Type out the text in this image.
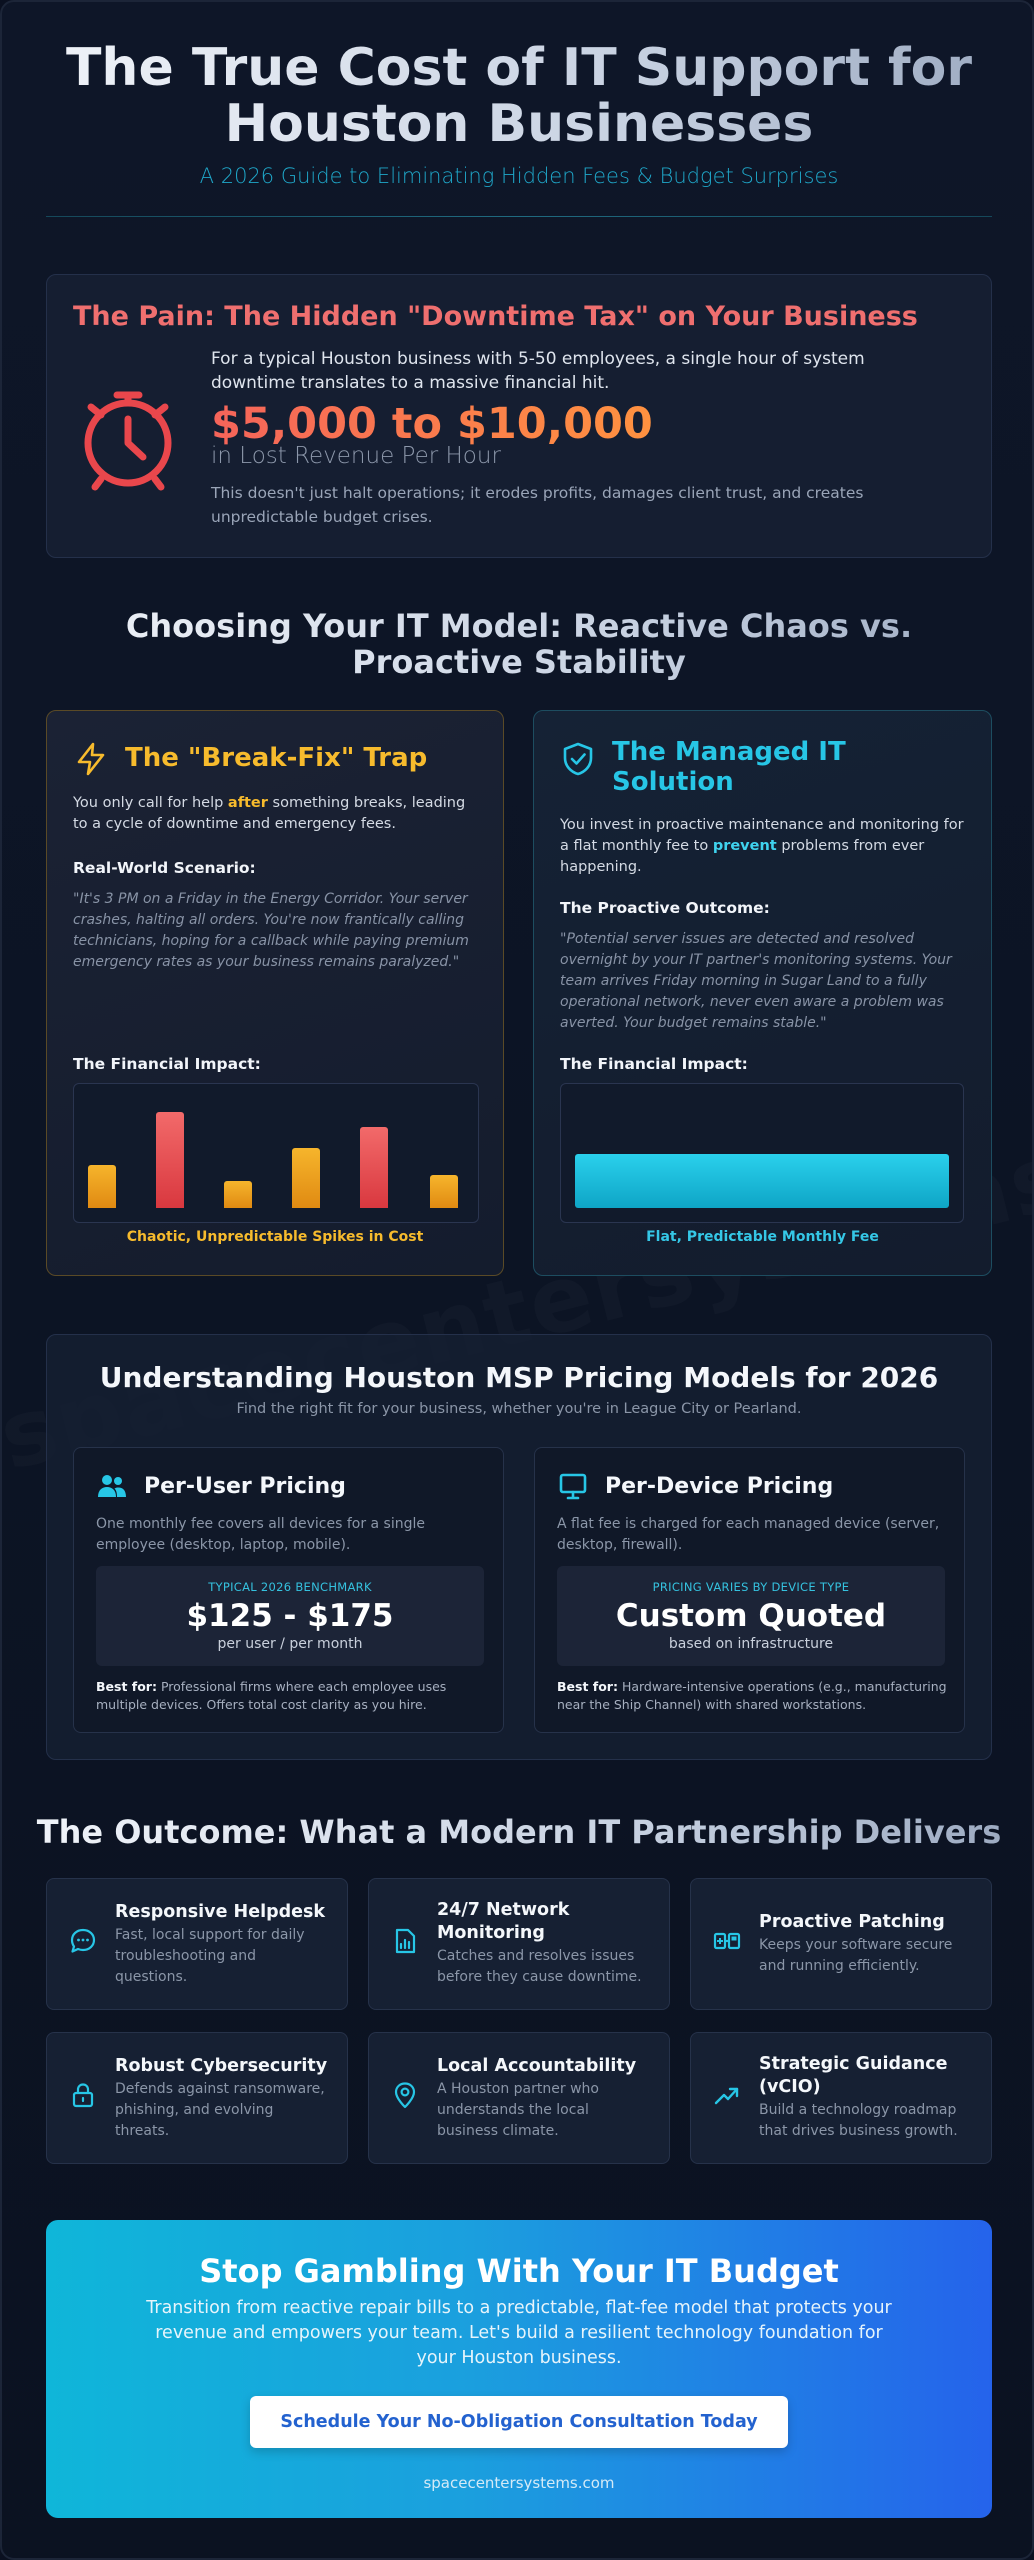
The True Cost of IT Support for Houston Businesses
A 2026 Guide to Eliminating Hidden Fees & Budget Surprises
The Pain: The Hidden "Downtime Tax" on Your Business
For a typical Houston business with 5-50 employees, a single hour of system downtime translates to a massive financial hit.
$5,000 to $10,000
in Lost Revenue Per Hour
This doesn't just halt operations; it erodes profits, damages client trust, and creates unpredictable budget crises.
Choosing Your IT Model: Reactive Chaos vs. Proactive Stability
The "Break-Fix" Trap
You only call for help after something breaks, leading to a cycle of downtime and emergency fees.
Real-World Scenario:
"It's 3 PM on a Friday in the Energy Corridor. Your server crashes, halting all orders. You're now frantically calling technicians, hoping for a callback while paying premium emergency rates as your business remains paralyzed."
The Financial Impact:
Chaotic, Unpredictable Spikes in Cost
The Managed IT Solution
You invest in proactive maintenance and monitoring for a flat monthly fee to prevent problems from ever happening.
The Proactive Outcome:
"Potential server issues are detected and resolved overnight by your IT partner's monitoring systems. Your team arrives Friday morning in Sugar Land to a fully operational network, never even aware a problem was averted. Your budget remains stable."
The Financial Impact:
Flat, Predictable Monthly Fee
Understanding Houston MSP Pricing Models for 2026
Find the right fit for your business, whether you're in League City or Pearland.
Per-User Pricing
One monthly fee covers all devices for a single employee (desktop, laptop, mobile).
TYPICAL 2026 BENCHMARK
$125 - $175
per user / per month
Best for: Professional firms where each employee uses multiple devices. Offers total cost clarity as you hire.
Per-Device Pricing
A flat fee is charged for each managed device (server, desktop, firewall).
PRICING VARIES BY DEVICE TYPE
Custom Quoted
based on infrastructure
Best for: Hardware-intensive operations (e.g., manufacturing near the Ship Channel) with shared workstations.
The Outcome: What a Modern IT Partnership Delivers
Responsive Helpdesk
Fast, local support for daily troubleshooting and questions.
24/7 Network Monitoring
Catches and resolves issues before they cause downtime.
Proactive Patching
Keeps your software secure and running efficiently.
Robust Cybersecurity
Defends against ransomware, phishing, and evolving threats.
Local Accountability
A Houston partner who understands the local business climate.
Strategic Guidance (vCIO)
Build a technology roadmap that drives business growth.
Stop Gambling With Your IT Budget

Transition from reactive repair bills to a predictable, flat-fee model that protects your revenue and empowers your team. Let's build a resilient technology foundation for your Houston business.

Schedule Your No-Obligation Consultation Today
spacecentersystems.com
